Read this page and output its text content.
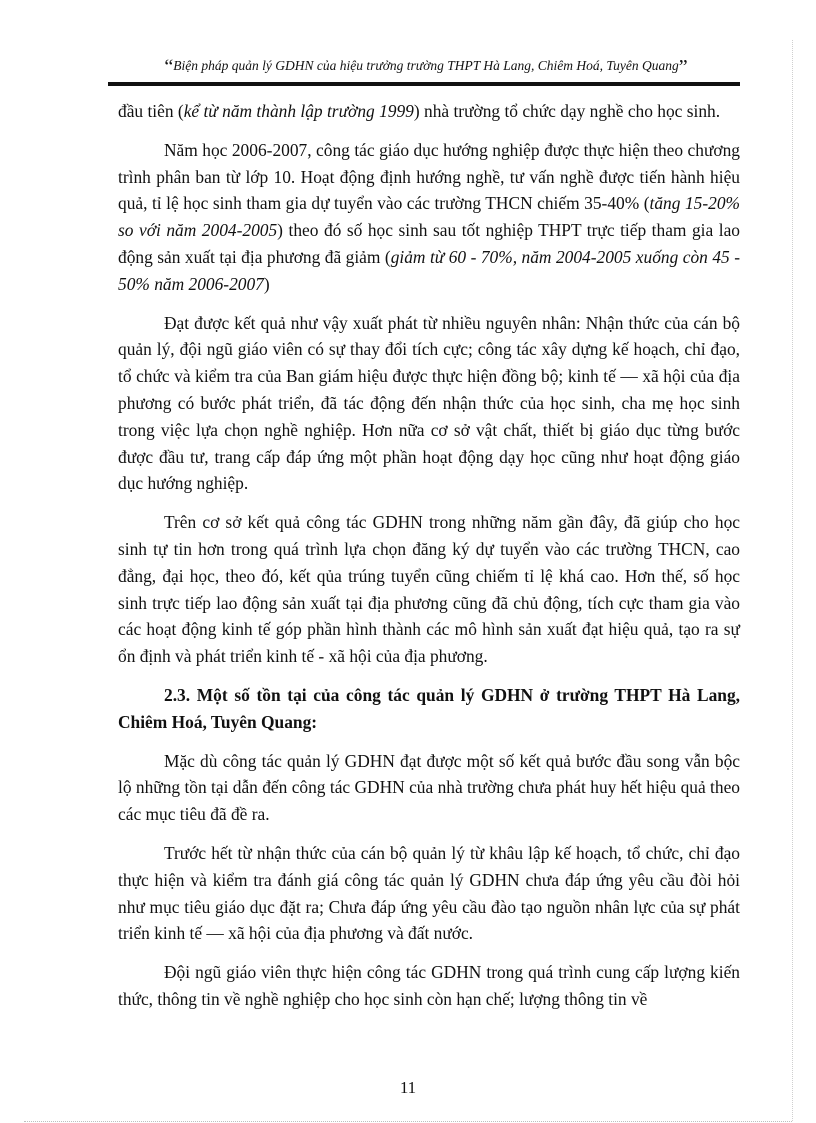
“Biện pháp quản lý GDHN của hiệu trưởng trường THPT Hà Lang, Chiêm Hoá, Tuyên Quang”

đầu tiên (kể từ năm thành lập trường 1999) nhà trường tổ chức dạy nghề cho học sinh.

Năm học 2006-2007, công tác giáo dục hướng nghiệp được thực hiện theo chương trình phân ban từ lớp 10. Hoạt động định hướng nghề, tư vấn nghề được tiến hành hiệu quả, tỉ lệ học sinh tham gia dự tuyển vào các trường THCN chiếm 35-40% (tăng 15-20% so với năm 2004-2005) theo đó số học sinh sau tốt nghiệp THPT trực tiếp tham gia lao động sản xuất tại địa phương đã giảm (giảm từ 60 - 70%, năm 2004-2005 xuống còn 45 - 50% năm 2006-2007)

Đạt được kết quả như vậy xuất phát từ nhiều nguyên nhân: Nhận thức của cán bộ quản lý, đội ngũ giáo viên có sự thay đổi tích cực; công tác xây dựng kế hoạch, chỉ đạo, tổ chức và kiểm tra của Ban giám hiệu được thực hiện đồng bộ; kinh tế — xã hội của địa phương có bước phát triển, đã tác động đến nhận thức của học sinh, cha mẹ học sinh trong việc lựa chọn nghề nghiệp. Hơn nữa cơ sở vật chất, thiết bị giáo dục từng bước được đầu tư, trang cấp đáp ứng một phần hoạt động dạy học cũng như hoạt động giáo dục hướng nghiệp.

Trên cơ sở kết quả công tác GDHN trong những năm gần đây, đã giúp cho học sinh tự tin hơn trong quá trình lựa chọn đăng ký dự tuyển vào các trường THCN, cao đẳng, đại học, theo đó, kết qủa trúng tuyển cũng chiếm tỉ lệ khá cao. Hơn thế, số học sinh trực tiếp lao động sản xuất tại địa phương cũng đã chủ động, tích cực tham gia vào các hoạt động kinh tế góp phần hình thành các mô hình sản xuất đạt hiệu quả, tạo ra sự ổn định và phát triển kinh tế - xã hội của địa phương.

2.3. Một số tồn tại của công tác quản lý GDHN ở trường THPT Hà Lang, Chiêm Hoá, Tuyên Quang:

Mặc dù công tác quản lý GDHN đạt được một số kết quả bước đầu song vẫn bộc lộ những tồn tại dẫn đến công tác GDHN của nhà trường chưa phát huy hết hiệu quả theo các mục tiêu đã đề ra.

Trước hết từ nhận thức của cán bộ quản lý từ khâu lập kế hoạch, tổ chức, chỉ đạo thực hiện và kiểm tra đánh giá công tác quản lý GDHN chưa đáp ứng yêu cầu đòi hỏi như mục tiêu giáo dục đặt ra; Chưa đáp ứng yêu cầu đào tạo nguồn nhân lực của sự phát triển kinh tế — xã hội của địa phương và đất nước.

Đội ngũ giáo viên thực hiện công tác GDHN trong quá trình cung cấp lượng kiến thức, thông tin về nghề nghiệp cho học sinh còn hạn chế; lượng thông tin về

11
